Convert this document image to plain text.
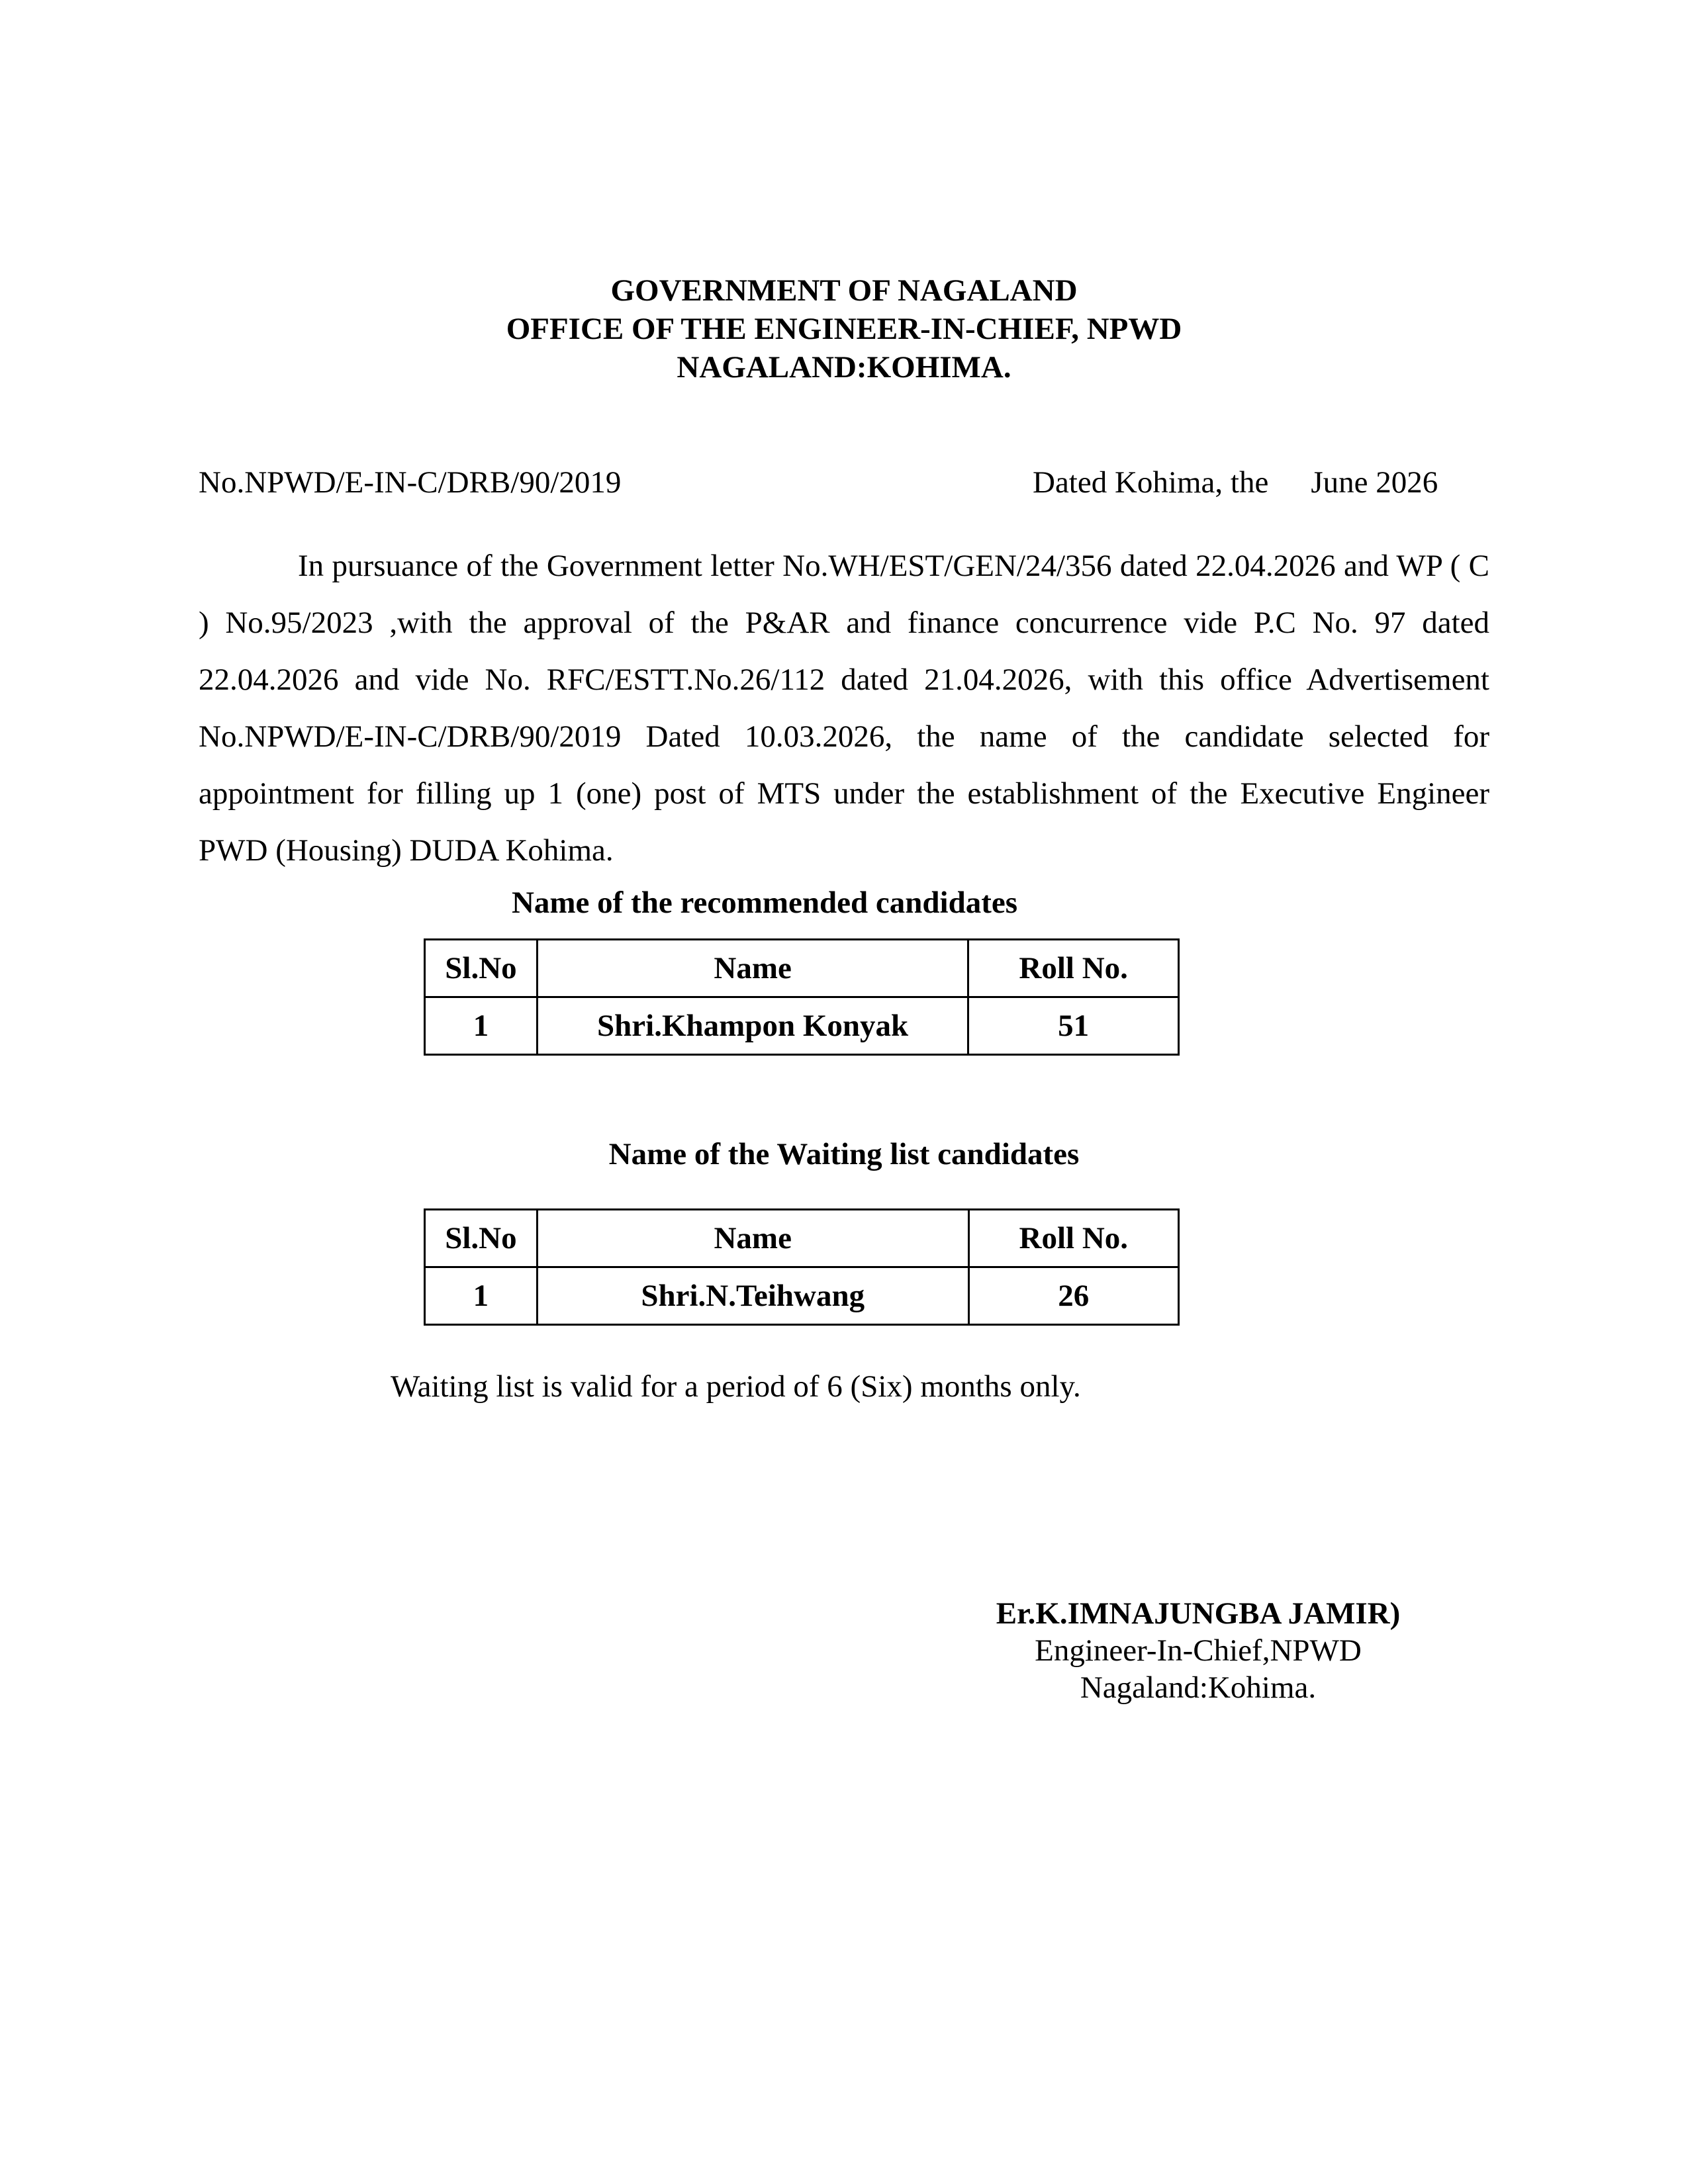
GOVERNMENT OF NAGALAND
OFFICE OF THE ENGINEER-IN-CHIEF, NPWD
NAGALAND:KOHIMA.
No.NPWD/E-IN-C/DRB/90/2019	Dated Kohima, the June 2026
In pursuance of the Government letter No.WH/EST/GEN/24/356 dated 22.04.2026 and WP ( C ) No.95/2023 ,with the approval of the P&AR and finance concurrence vide P.C No. 97 dated 22.04.2026 and vide No. RFC/ESTT.No.26/112 dated 21.04.2026, with this office Advertisement No.NPWD/E-IN-C/DRB/90/2019 Dated 10.03.2026, the name of the candidate selected for appointment for filling up 1 (one) post of MTS under the establishment of the Executive Engineer PWD (Housing) DUDA Kohima.
Name of the recommended candidates
Sl.No	Name	Roll No.
1	Shri.Khampon Konyak	51
Name of the Waiting list candidates
Sl.No	Name	Roll No.
1	Shri.N.Teihwang	26
Waiting list is valid for a period of 6 (Six) months only.
Er.K.IMNAJUNGBA JAMIR)
Engineer-In-Chief,NPWD
Nagaland:Kohima.
